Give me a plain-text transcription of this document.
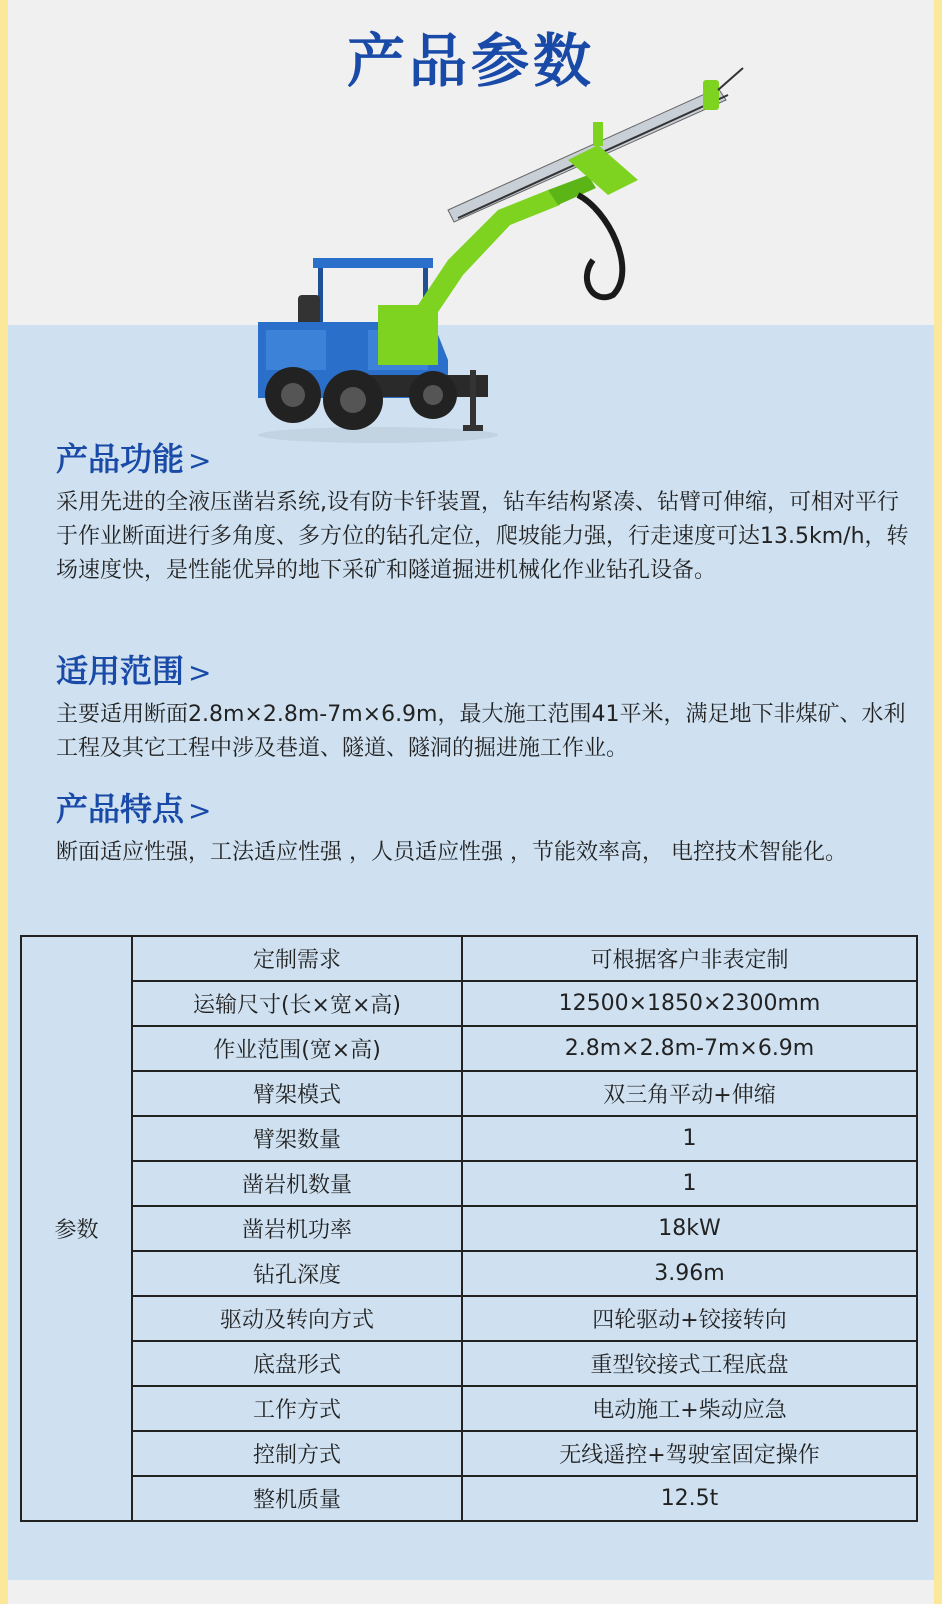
产品参数
产品功能 >
采用先进的全液压凿岩系统,设有防卡钎装置，钻车结构紧凑、钻臂可伸缩，可相对平行于作业断面进行多角度、多方位的钻孔定位，爬坡能力强，行走速度可达13.5km/h，转场速度快，是性能优异的地下采矿和隧道掘进机械化作业钻孔设备。
适用范围 >
主要适用断面2.8m×2.8m-7m×6.9m，最大施工范围41平米，满足地下非煤矿、水利工程及其它工程中涉及巷道、隧道、隧洞的掘进施工作业。
产品特点 >
断面适应性强，工法适应性强 ，人员适应性强 ，节能效率高， 电控技术智能化。
参数	定制需求	可根据客户非表定制
	运输尺寸(长×宽×高)	12500×1850×2300mm
	作业范围(宽×高)	2.8m×2.8m-7m×6.9m
	臂架模式	双三角平动+伸缩
	臂架数量	1
	凿岩机数量	1
	凿岩机功率	18kW
	钻孔深度	3.96m
	驱动及转向方式	四轮驱动+铰接转向
	底盘形式	重型铰接式工程底盘
	工作方式	电动施工+柴动应急
	控制方式	无线遥控+驾驶室固定操作
	整机质量	12.5t
